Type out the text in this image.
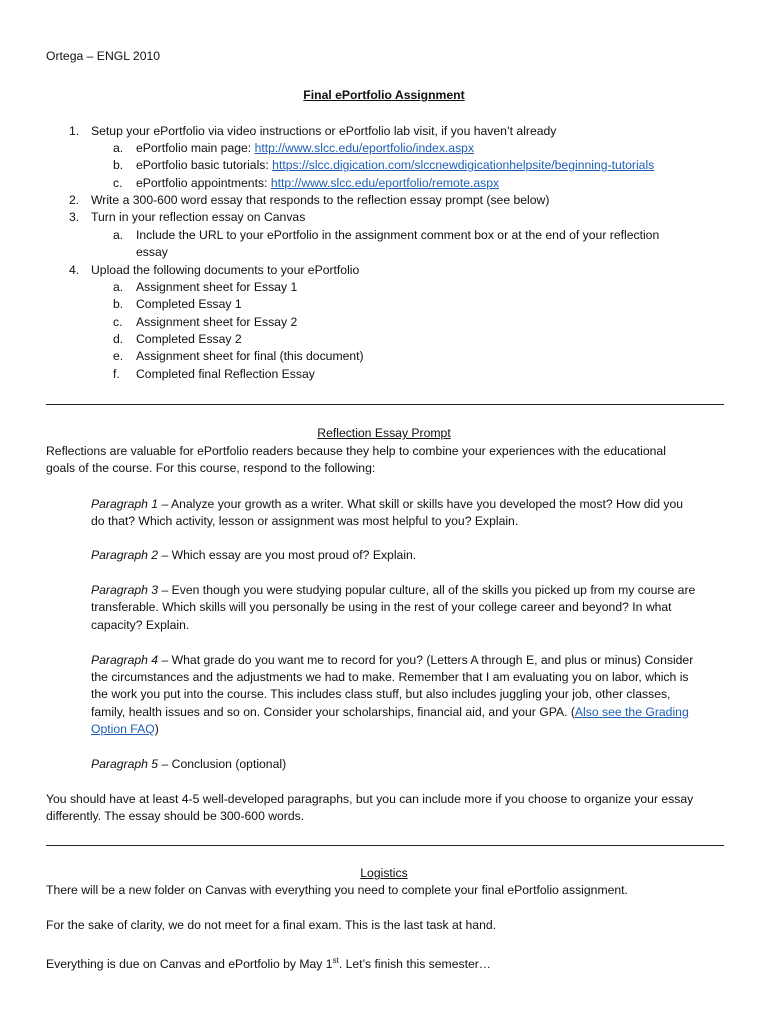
Ortega – ENGL 2010
Final ePortfolio Assignment
1. Setup your ePortfolio via video instructions or ePortfolio lab visit, if you haven’t already
a. ePortfolio main page: http://www.slcc.edu/eportfolio/index.aspx
b. ePortfolio basic tutorials: https://slcc.digication.com/slccnewdigicationhelpsite/beginning-tutorials
c. ePortfolio appointments: http://www.slcc.edu/eportfolio/remote.aspx
2. Write a 300-600 word essay that responds to the reflection essay prompt (see below)
3. Turn in your reflection essay on Canvas
a. Include the URL to your ePortfolio in the assignment comment box or at the end of your reflection
essay
4. Upload the following documents to your ePortfolio
a. Assignment sheet for Essay 1
b. Completed Essay 1
c. Assignment sheet for Essay 2
d. Completed Essay 2
e. Assignment sheet for final (this document)
f. Completed final Reflection Essay
Reflection Essay Prompt
Reflections are valuable for ePortfolio readers because they help to combine your experiences with the educational
goals of the course. For this course, respond to the following:
Paragraph 1 – Analyze your growth as a writer. What skill or skills have you developed the most? How did you
do that? Which activity, lesson or assignment was most helpful to you? Explain.
Paragraph 2 – Which essay are you most proud of? Explain.
Paragraph 3 – Even though you were studying popular culture, all of the skills you picked up from my course are
transferable. Which skills will you personally be using in the rest of your college career and beyond? In what
capacity? Explain.
Paragraph 4 – What grade do you want me to record for you? (Letters A through E, and plus or minus) Consider
the circumstances and the adjustments we had to make. Remember that I am evaluating you on labor, which is
the work you put into the course. This includes class stuff, but also includes juggling your job, other classes,
family, health issues and so on. Consider your scholarships, financial aid, and your GPA. (Also see the Grading
Option FAQ)
Paragraph 5 – Conclusion (optional)
You should have at least 4-5 well-developed paragraphs, but you can include more if you choose to organize your essay
differently. The essay should be 300-600 words.
Logistics
There will be a new folder on Canvas with everything you need to complete your final ePortfolio assignment.
For the sake of clarity, we do not meet for a final exam. This is the last task at hand.
Everything is due on Canvas and ePortfolio by May 1st. Let’s finish this semester…
